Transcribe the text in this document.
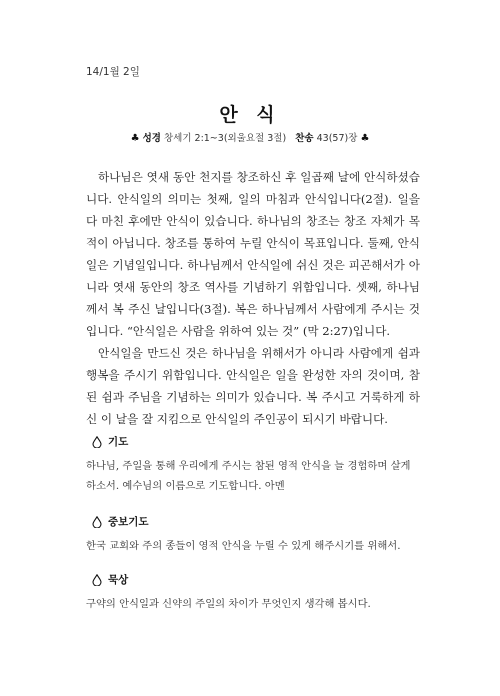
14/1월 2일
안 식
♣ 성경 창세기 2:1~3(외울요절 3절) 찬송 43(57)장 ♣

하나님은 엿새 동안 천지를 창조하신 후 일곱째 날에 안식하셨습니다. 안식일의 의미는 첫째, 일의 마침과 안식입니다(2절). 일을 다 마친 후에만 안식이 있습니다. 하나님의 창조는 창조 자체가 목적이 아닙니다. 창조를 통하여 누릴 안식이 목표입니다. 둘째, 안식일은 기념일입니다. 하나님께서 안식일에 쉬신 것은 피곤해서가 아니라 엿새 동안의 창조 역사를 기념하기 위함입니다. 셋째, 하나님께서 복 주신 날입니다(3절). 복은 하나님께서 사람에게 주시는 것입니다. “안식일은 사람을 위하여 있는 것” (막 2:27)입니다.

안식일을 만드신 것은 하나님을 위해서가 아니라 사람에게 쉼과 행복을 주시기 위함입니다. 안식일은 일을 완성한 자의 것이며, 참된 쉼과 주님을 기념하는 의미가 있습니다. 복 주시고 거룩하게 하신 이 날을 잘 지킴으로 안식일의 주인공이 되시기 바랍니다.

기도
하나님, 주일을 통해 우리에게 주시는 참된 영적 안식을 늘 경험하며 살게 하소서. 예수님의 이름으로 기도합니다. 아멘
중보기도
한국 교회와 주의 종들이 영적 안식을 누릴 수 있게 해주시기를 위해서.
묵상
구약의 안식일과 신약의 주일의 차이가 무엇인지 생각해 봅시다.
